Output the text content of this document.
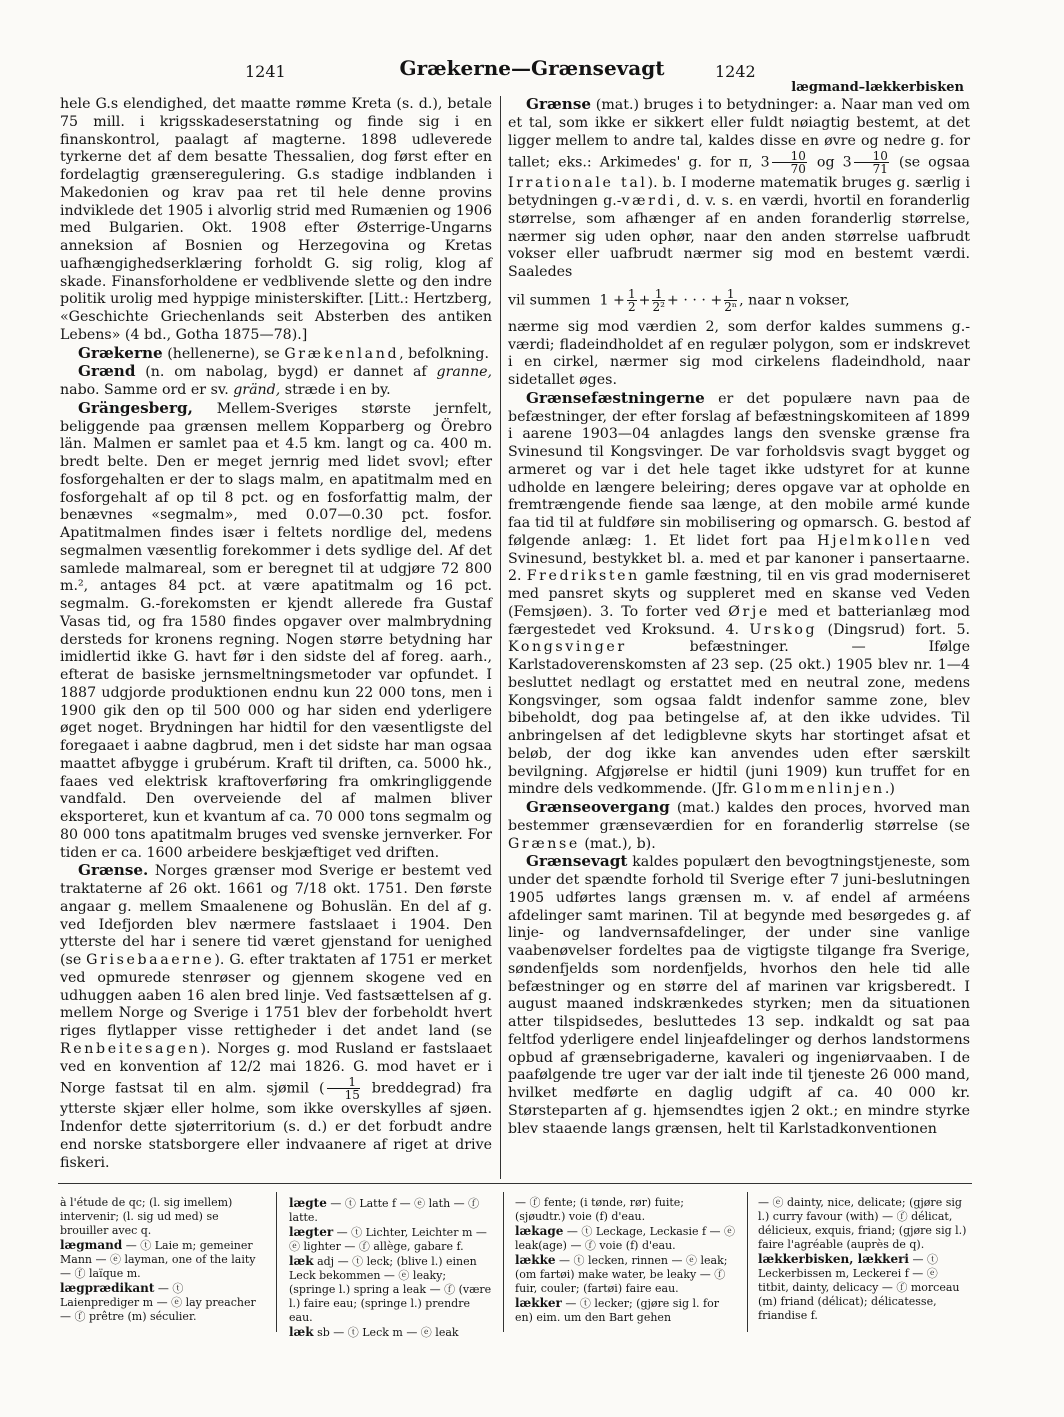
1241	Grækerne—Grænsevagt	1242
lægmand–lækkerbisken

hele G.s elendighed, det maatte rømme Kreta (s. d.), betale 75 mill. i krigsskadeserstatning og finde sig i en finanskontrol, paalagt af magterne. 1898 udleverede tyrkerne det af dem besatte Thessalien, dog først efter en fordelagtig grænseregulering. G.s stadige indblanden i Makedonien og krav paa ret til hele denne provins indviklede det 1905 i alvorlig strid med Rumænien og 1906 med Bulgarien. Okt. 1908 efter Østerrige-Ungarns anneksion af Bosnien og Herzegovina og Kretas uafhængighedserklæring forholdt G. sig rolig, klog af skade. Finansforholdene er vedblivende slette og den indre politik urolig med hyppige ministerskifter. [Litt.: Hertzberg, «Geschichte Griechenlands seit Absterben des antiken Lebens» (4 bd., Gotha 1875—78).]

Grækerne (hellenerne), se Grækenland, befolkning.

Grænd (n. om nabolag, bygd) er dannet af granne, nabo. Samme ord er sv. gränd, stræde i en by.

Grängesberg, Mellem-Sveriges største jernfelt, beliggende paa grænsen mellem Kopparberg og Örebro län. Malmen er samlet paa et 4.5 km. langt og ca. 400 m. bredt belte. Den er meget jernrig med lidet svovl; efter fosforgehalten er der to slags malm, en apatitmalm med en fosforgehalt af op til 8 pct. og en fosforfattig malm, der benævnes «segmalm», med 0.07—0.30 pct. fosfor. Apatitmalmen findes især i feltets nordlige del, medens segmalmen væsentlig forekommer i dets sydlige del. Af det samlede malmareal, som er beregnet til at udgjøre 72 800 m.², antages 84 pct. at være apatitmalm og 16 pct. segmalm. G.-forekomsten er kjendt allerede fra Gustaf Vasas tid, og fra 1580 findes opgaver over malmbrydning dersteds for kronens regning. Nogen større betydning har imidlertid ikke G. havt før i den sidste del af foreg. aarh., efterat de basiske jernsmeltningsmetoder var opfundet. I 1887 udgjorde produktionen endnu kun 22 000 tons, men i 1900 gik den op til 500 000 og har siden end yderligere øget noget. Brydningen har hidtil for den væsentligste del foregaaet i aabne dagbrud, men i det sidste har man ogsaa maattet afbygge i grubérum. Kraft til driften, ca. 5000 hk., faaes ved elektrisk kraftoverføring fra omkringliggende vandfald. Den overveiende del af malmen bliver eksporteret, kun et kvantum af ca. 70 000 tons segmalm og 80 000 tons apatitmalm bruges ved svenske jernverker. For tiden er ca. 1600 arbeidere beskjæftiget ved driften.

Grænse. Norges grænser mod Sverige er bestemt ved traktaterne af 26 okt. 1661 og 7/18 okt. 1751. Den første angaar g. mellem Smaalenene og Bohuslän. En del af g. ved Idefjorden blev nærmere fastslaaet i 1904. Den ytterste del har i senere tid været gjenstand for uenighed (se Grisebaaerne). G. efter traktaten af 1751 er merket ved opmurede stenrøser og gjennem skogene ved en udhuggen aaben 16 alen bred linje. Ved fastsættelsen af g. mellem Norge og Sverige i 1751 blev der forbeholdt hvert riges flytlapper visse rettigheder i det andet land (se Renbeitesagen). Norges g. mod Rusland er fastslaaet ved en konvention af 12/2 mai 1826. G. mod havet er i Norge fastsat til en alm. sjømil ( $\frac{1}{15}$ breddegrad) fra ytterste skjær eller holme, som ikke overskylles af sjøen. Indenfor dette sjøterritorium (s. d.) er det forbudt andre end norske statsborgere eller indvaanere af riget at drive fiskeri.

Grænse (mat.) bruges i to betydninger: a. Naar man ved om et tal, som ikke er sikkert eller fuldt nøiagtig bestemt, at det ligger mellem to andre tal, kaldes disse en øvre og nedre g. for tallet; eks.: Arkimedes' g. for π, $3 \frac{10}{70}$ og $3 \frac{10}{71} (se$ ogsaa Irrationale tal). b. I moderne matematik bruges g. særlig i betydningen g.-værdi, d. v. s. en værdi, hvortil en foranderlig størrelse, som afhænger af en anden foranderlig størrelse, nærmer sig uden ophør, naar den anden størrelse uafbrudt vokser eller uafbrudt nærmer sig mod en bestemt værdi. Saaledes

vil summen $1 + \frac{1}{2} + \frac{1}{\text{2²}}$ + · · · + $\frac{1}{\text{2ⁿ}}$ , naar n vokser,

nærme sig mod værdien 2, som derfor kaldes summens g.-værdi; fladeindholdet af en regulær polygon, som er indskrevet i en cirkel, nærmer sig mod cirkelens fladeindhold, naar sidetallet øges.

Grænsefæstningerne er det populære navn paa de befæstninger, der efter forslag af befæstningskomiteen af 1899 i aarene 1903—04 anlagdes langs den svenske grænse fra Svinesund til Kongsvinger. De var forholdsvis svagt bygget og armeret og var i det hele taget ikke udstyret for at kunne udholde en længere beleiring; deres opgave var at opholde en fremtrængende fiende saa længe, at den mobile armé kunde faa tid til at fuldføre sin mobilisering og opmarsch. G. bestod af følgende anlæg: 1. Et lidet fort paa Hjelmkollen ved Svinesund, bestykket bl. a. med et par kanoner i pansertaarne. 2. Fredriksten gamle fæstning, til en vis grad moderniseret med pansret skyts og suppleret med en skanse ved Veden (Femsjøen). 3. To forter ved Ørje med et batterianlæg mod færgestedet ved Kroksund. 4. Urskog (Dingsrud) fort. 5. Kongsvinger befæstninger. — Ifølge Karlstadoverenskomsten af 23 sep. (25 okt.) 1905 blev nr. 1—4 besluttet nedlagt og erstattet med en neutral zone, medens Kongsvinger, som ogsaa faldt indenfor samme zone, blev bibeholdt, dog paa betingelse af, at den ikke udvides. Til anbringelsen af det ledigblevne skyts har stortinget afsat et beløb, der dog ikke kan anvendes uden efter særskilt bevilgning. Afgjørelse er hidtil (juni 1909) kun truffet for en mindre dels vedkommende. (Jfr. Glommenlinjen.)

Grænseovergang (mat.) kaldes den proces, hvorved man bestemmer grænseværdien for en foranderlig størrelse (se Grænse (mat.), b).

Grænsevagt kaldes populært den bevogtningstjeneste, som under det spændte forhold til Sverige efter 7 juni-beslutningen 1905 udførtes langs grænsen m. v. af endel af arméens afdelinger samt marinen. Til at begynde med besørgedes g. af linje- og landvernsafdelinger, der under sine vanlige vaabenøvelser fordeltes paa de vigtigste tilgange fra Sverige, søndenfjelds som nordenfjelds, hvorhos den hele tid alle befæstninger og en større del af marinen var krigsberedt. I august maaned indskrænkedes styrken; men da situationen atter tilspidsedes, besluttedes 13 sep. indkaldt og sat paa feltfod yderligere endel linjeafdelinger og derhos landstormens opbud af grænsebrigaderne, kavaleri og ingeniørvaaben. I de paafølgende tre uger var der ialt inde til tjeneste 26 000 mand, hvilket medførte en daglig udgift af ca. 40 000 kr. Størsteparten af g. hjemsendtes igjen 2 okt.; en mindre styrke blev staaende langs grænsen, helt til Karlstadkonventionen

à l'étude de qc; (l. sig imellem) intervenir; (l. sig ud med) se brouiller avec q.

lægmand — ⓣ Laie m; gemeiner Mann — ⓔ layman, one of the laity — ⓕ laïque m.

lægprædikant — ⓣ Laienprediger m — ⓔ lay preacher — ⓕ prêtre (m) séculier.

lægte — ⓣ Latte f — ⓔ lath — ⓕ latte.

lægter — ⓣ Lichter, Leichter m — ⓔ lighter — ⓕ allège, gabare f.

læk adj — ⓣ leck; (blive l.) einen Leck bekommen — ⓔ leaky; (springe l.) spring a leak — ⓕ (være l.) faire eau; (springe l.) prendre eau.

læk sb — ⓣ Leck m — ⓔ leak

— ⓕ fente; (i tønde, rør) fuite; (sjøudtr.) voie (f) d'eau.

lækage — ⓣ Leckage, Leckasie f — ⓔ leak(age) — ⓕ voie (f) d'eau.

lække — ⓣ lecken, rinnen — ⓔ leak; (om fartøi) make water, be leaky — ⓕ fuir, couler; (fartøi) faire eau.

lækker — ⓣ lecker; (gjøre sig l. for en) eim. um den Bart gehen

— ⓔ dainty, nice, delicate; (gjøre sig l.) curry favour (with) — ⓕ délicat, délicieux, exquis, friand; (gjøre sig l.) faire l'agréable (auprès de q).

lækkerbisken, lækkeri — ⓣ Leckerbissen m, Leckerei f — ⓔ titbit, dainty, delicacy — ⓕ morceau (m) friand (délicat); délicatesse, friandise f.
